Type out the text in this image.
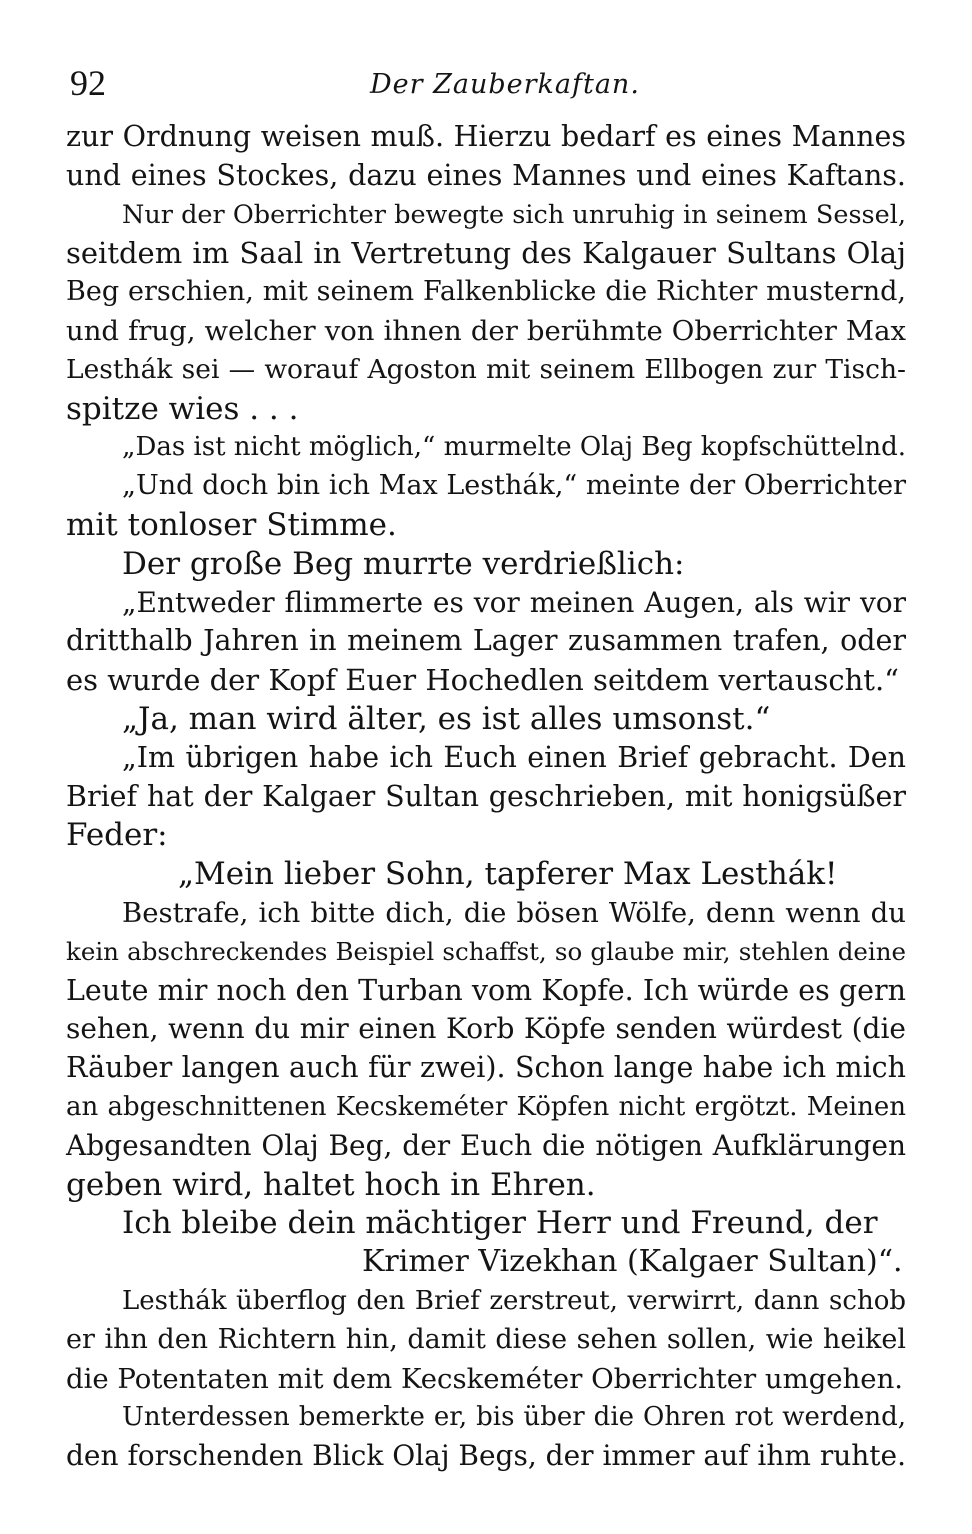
92	Der Zauberkaftan.
zur Ordnung weisen muß. Hierzu bedarf es eines Mannes
und eines Stockes, dazu eines Mannes und eines Kaftans.
Nur der Oberrichter bewegte sich unruhig in seinem Sessel,
seitdem im Saal in Vertretung des Kalgauer Sultans Olaj
Beg erschien, mit seinem Falkenblicke die Richter musternd,
und frug, welcher von ihnen der berühmte Oberrichter Max
Lesthák sei — worauf Agoston mit seinem Ellbogen zur Tisch-
spitze wies . . .
„Das ist nicht möglich,“ murmelte Olaj Beg kopfschüttelnd.
„Und doch bin ich Max Lesthák,“ meinte der Oberrichter
mit tonloser Stimme.
Der große Beg murrte verdrießlich:
„Entweder flimmerte es vor meinen Augen, als wir vor
dritthalb Jahren in meinem Lager zusammen trafen, oder
es wurde der Kopf Euer Hochedlen seitdem vertauscht.“
„Ja, man wird älter, es ist alles umsonst.“
„Im übrigen habe ich Euch einen Brief gebracht. Den
Brief hat der Kalgaer Sultan geschrieben, mit honigsüßer
Feder:
„Mein lieber Sohn, tapferer Max Lesthák!
Bestrafe, ich bitte dich, die bösen Wölfe, denn wenn du
kein abschreckendes Beispiel schaffst, so glaube mir, stehlen deine
Leute mir noch den Turban vom Kopfe. Ich würde es gern
sehen, wenn du mir einen Korb Köpfe senden würdest (die
Räuber langen auch für zwei). Schon lange habe ich mich
an abgeschnittenen Kecskeméter Köpfen nicht ergötzt. Meinen
Abgesandten Olaj Beg, der Euch die nötigen Aufklärungen
geben wird, haltet hoch in Ehren.
Ich bleibe dein mächtiger Herr und Freund, der
Krimer Vizekhan (Kalgaer Sultan)“.
Lesthák überflog den Brief zerstreut, verwirrt, dann schob
er ihn den Richtern hin, damit diese sehen sollen, wie heikel
die Potentaten mit dem Kecskeméter Oberrichter umgehen.
Unterdessen bemerkte er, bis über die Ohren rot werdend,
den forschenden Blick Olaj Begs, der immer auf ihm ruhte.
